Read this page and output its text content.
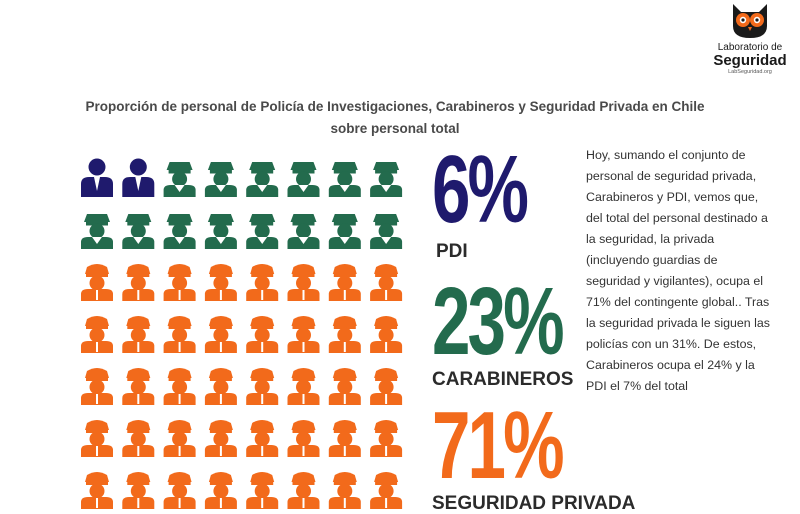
Laboratorio de
Seguridad
LabSeguridad.org

Proporción de personal de Policía de Investigaciones, Carabineros y Seguridad Privada en Chile sobre personal total

6%
PDI
23%
CARABINEROS
71%
SEGURIDAD PRIVADA

Hoy, sumando el conjunto de personal de seguridad privada, Carabineros y PDI, vemos que, del total del personal destinado a la seguridad, la privada (incluyendo guardias de seguridad y vigilantes), ocupa el 71% del contingente global.. Tras la seguridad privada le siguen las policías con un 31%. De estos, Carabineros ocupa el 24% y la PDI el 7% del total
